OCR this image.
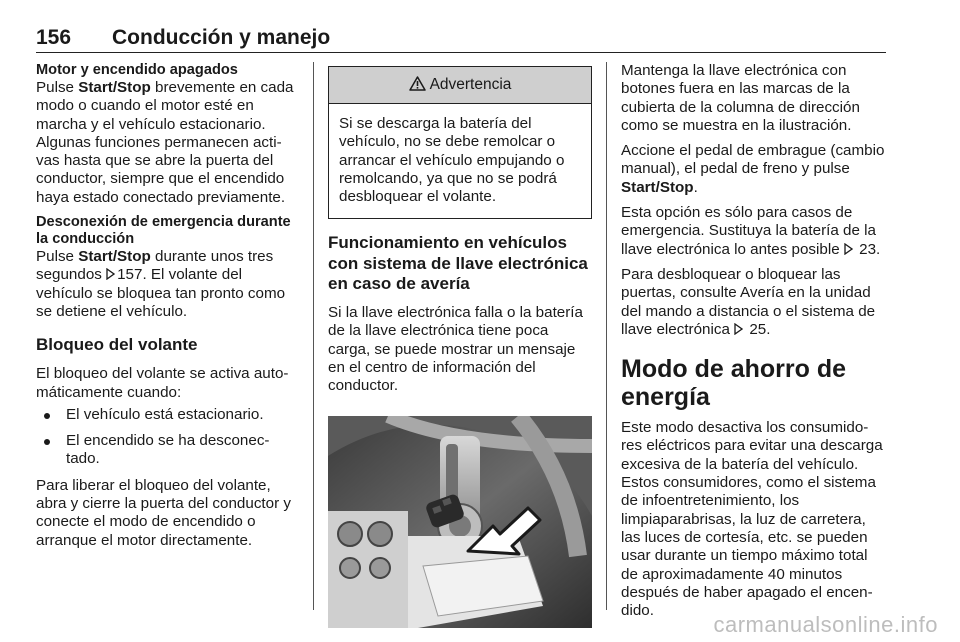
156 Conducción y manejo
Motor y encendido apagados

Pulse Start/Stop brevemente en cada modo o cuando el motor esté en marcha y el vehículo estacionario. Algunas funciones permanecen acti- vas hasta que se abre la puerta del conductor, siempre que el encendido haya estado conectado previamente.

Desconexión de emergencia durante la conducción

Pulse Start/Stop durante unos tres segundos 157. El volante del vehículo se bloquea tan pronto como se detiene el vehículo.

Bloqueo del volante

El bloqueo del volante se activa auto- máticamente cuando:

El vehículo está estacionario.
El encendido se ha desconec- tado.

Para liberar el bloqueo del volante, abra y cierre la puerta del conductor y conecte el modo de encendido o arranque el motor directamente.

Advertencia
Si se descarga la batería del vehículo, no se debe remolcar o arrancar el vehículo empujando o remolcando, ya que no se podrá desbloquear el volante.
Funcionamiento en vehículos con sistema de llave electrónica en caso de avería

Si la llave electrónica falla o la batería de la llave electrónica tiene poca carga, se puede mostrar un mensaje en el centro de información del conductor.

Mantenga la llave electrónica con botones fuera en las marcas de la cubierta de la columna de dirección como se muestra en la ilustración.

Accione el pedal de embrague (cambio manual), el pedal de freno y pulse Start/Stop.

Esta opción es sólo para casos de emergencia. Sustituya la batería de la llave electrónica lo antes posible  23.

Para desbloquear o bloquear las puertas, consulte Avería en la unidad del mando a distancia o el sistema de llave electrónica  25.

Modo de ahorro de energía

Este modo desactiva los consumido- res eléctricos para evitar una descarga excesiva de la batería del vehículo. Estos consumidores, como el sistema de infoentretenimiento, los limpiaparabrisas, la luz de carretera, las luces de cortesía, etc. se pueden usar durante un tiempo máximo total de aproximadamente 40 minutos después de haber apagado el encen- dido.

carmanualsonline.info
